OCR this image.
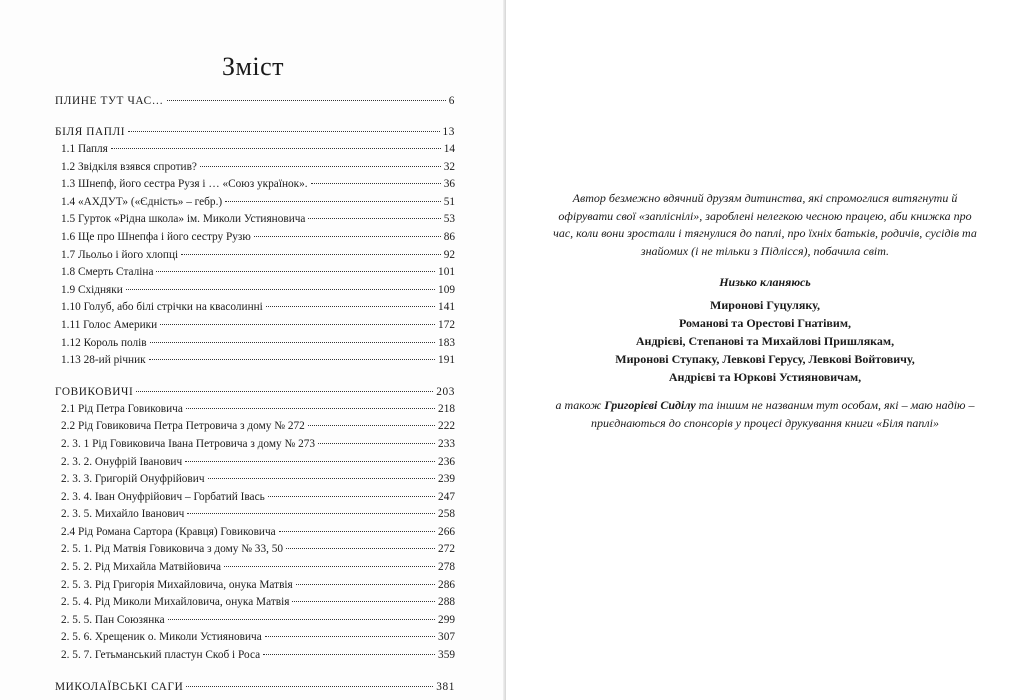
Зміст
ПЛИНЕ ТУТ ЧАС…	6
БІЛЯ ПАПЛІ	13
1.1 Папля	14
1.2 Звідкіля взявся спротив?	32
1.3 Шнепф, його сестра Рузя і … «Союз українок».	36
1.4 «АХДУТ» («Єдність» – гебр.)	51
1.5 Гурток «Рідна школа» ім. Миколи Устияновича	53
1.6 Ще про Шнепфа і його сестру Рузю	86
1.7 Льольо і його хлопці	92
1.8 Смерть Сталіна	101
1.9 Східняки	109
1.10 Голуб, або білі стрічки на квасолинні	141
1.11 Голос Америки	172
1.12 Король полів	183
1.13 28-ий річник	191
ГОВИКОВИЧІ	203
2.1 Рід Петра Говиковича	218
2.2 Рід Говиковича Петра Петровича з дому № 272	222
2. 3. 1 Рід Говиковича Івана Петровича з дому № 273	233
2. 3. 2. Онуфрій Іванович	236
2. 3. 3. Григорій Онуфрійович	239
2. 3. 4. Іван Онуфрійович – Горбатий Івась	247
2. 3. 5. Михайло Іванович	258
2.4 Рід Романа Сартора (Кравця) Говиковича	266
2. 5. 1. Рід Матвія Говиковича з дому № 33, 50	272
2. 5. 2. Рід Михайла Матвійовича	278
2. 5. 3. Рід Григорія Михайловича, онука Матвія	286
2. 5. 4. Рід Миколи Михайловича, онука Матвія	288
2. 5. 5. Пан Союзянка	299
2. 5. 6. Хрещеник о. Миколи Устияновича	307
2. 5. 7. Гетьманський пластун Скоб і Роса	359
МИКОЛАЇВСЬКІ САГИ	381
Автор безмежно вдячний друзям дитинства, які спромоглися витягнути й офірувати свої «запліснілі», зароблені нелегкою чесною працею, аби книжка про час, коли вони зростали і тягнулися до паплі, про їхніх батьків, родичів, сусідів та знайомих (і не тільки з Підлісся), побачила світ.
Низько кланяюсь
Миронові Гуцуляку,
Романові та Орестові Гнатівим,
Андрієві, Степанові та Михайлові Пришлякам,
Миронові Ступаку, Левкові Герусу, Левкові Войтовичу,
Андрієві та Юркові Устияновичам,
а також Григорієві Сиділу та іншим не названим тут особам, які – маю надію – приєднаються до спонсорів у процесі друкування книги «Біля паплі»
